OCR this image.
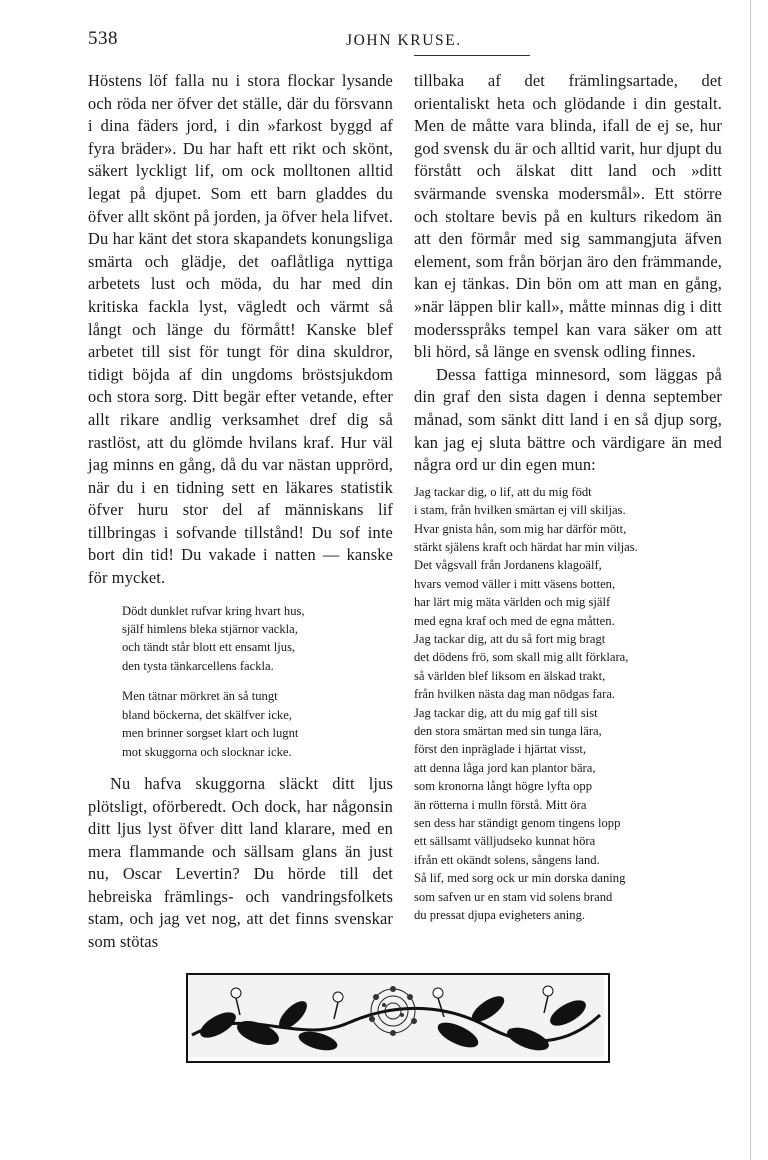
538	JOHN KRUSE.

Höstens löf falla nu i stora flockar lysande och röda ner öfver det ställe, där du försvann i dina fäders jord, i din »farkost byggd af fyra bräder». Du har haft ett rikt och skönt, säkert lyckligt lif, om ock molltonen alltid legat på djupet. Som ett barn gladdes du öfver allt skönt på jorden, ja öfver hela lifvet. Du har känt det stora skapandets konungsliga smärta och glädje, det oaflåtliga nyttiga arbetets lust och möda, du har med din kritiska fackla lyst, vägledt och värmt så långt och länge du förmått! Kanske blef arbetet till sist för tungt för dina skuldror, tidigt böjda af din ungdoms bröstsjukdom och stora sorg. Ditt begär efter vetande, efter allt rikare andlig verksamhet dref dig så rastlöst, att du glömde hvilans kraf. Hur väl jag minns en gång, då du var nästan upprörd, när du i en tidning sett en läkares statistik öfver huru stor del af människans lif tillbringas i sofvande tillstånd! Du sof inte bort din tid! Du vakade i natten — kanske för mycket.

Dödt dunklet rufvar kring hvart hus,
själf himlens bleka stjärnor vackla,
och tändt står blott ett ensamt ljus,
den tysta tänkarcellens fackla.
Men tätnar mörkret än så tungt
bland böckerna, det skälfver icke,
men brinner sorgset klart och lugnt
mot skuggorna och slocknar icke.

Nu hafva skuggorna släckt ditt ljus plötsligt, oförberedt. Och dock, har någonsin ditt ljus lyst öfver ditt land klarare, med en mera flammande och sällsam glans än just nu, Oscar Levertin? Du hörde till det hebreiska främlings- och vandringsfolkets stam, och jag vet nog, att det finns svenskar som stötas

tillbaka af det främlingsartade, det orientaliskt heta och glödande i din gestalt. Men de måtte vara blinda, ifall de ej se, hur god svensk du är och alltid varit, hur djupt du förstått och älskat ditt land och »ditt svärmande svenska modersmål». Ett större och stoltare bevis på en kulturs rikedom än att den förmår med sig sammangjuta äfven element, som från början äro den främmande, kan ej tänkas. Din bön om att man en gång, »när läppen blir kall», måtte minnas dig i ditt modersspråks tempel kan vara säker om att bli hörd, så länge en svensk odling finnes.

Dessa fattiga minnesord, som läggas på din graf den sista dagen i denna september månad, som sänkt ditt land i en så djup sorg, kan jag ej sluta bättre och värdigare än med några ord ur din egen mun:

Jag tackar dig, o lif, att du mig födt
i stam, från hvilken smärtan ej vill skiljas.
Hvar gnista hån, som mig har därför mött,
stärkt själens kraft och härdat har min viljas.
Det vågsvall från Jordanens klagoälf,
hvars vemod väller i mitt väsens botten,
har lärt mig mäta världen och mig själf
med egna kraf och med de egna måtten.
Jag tackar dig, att du så fort mig bragt
det dödens frö, som skall mig allt förklara,
så världen blef liksom en älskad trakt,
från hvilken nästa dag man nödgas fara.
Jag tackar dig, att du mig gaf till sist
den stora smärtan med sin tunga lära,
först den inpräglade i hjärtat visst,
att denna låga jord kan plantor bära,
som kronorna långt högre lyfta opp
än rötterna i mulln förstå. Mitt öra
sen dess har ständigt genom tingens lopp
ett sällsamt välljudseko kunnat höra
ifrån ett okändt solens, sångens land.
Så lif, med sorg ock ur min dorska daning
som safven ur en stam vid solens brand
du pressat djupa evigheters aning.
